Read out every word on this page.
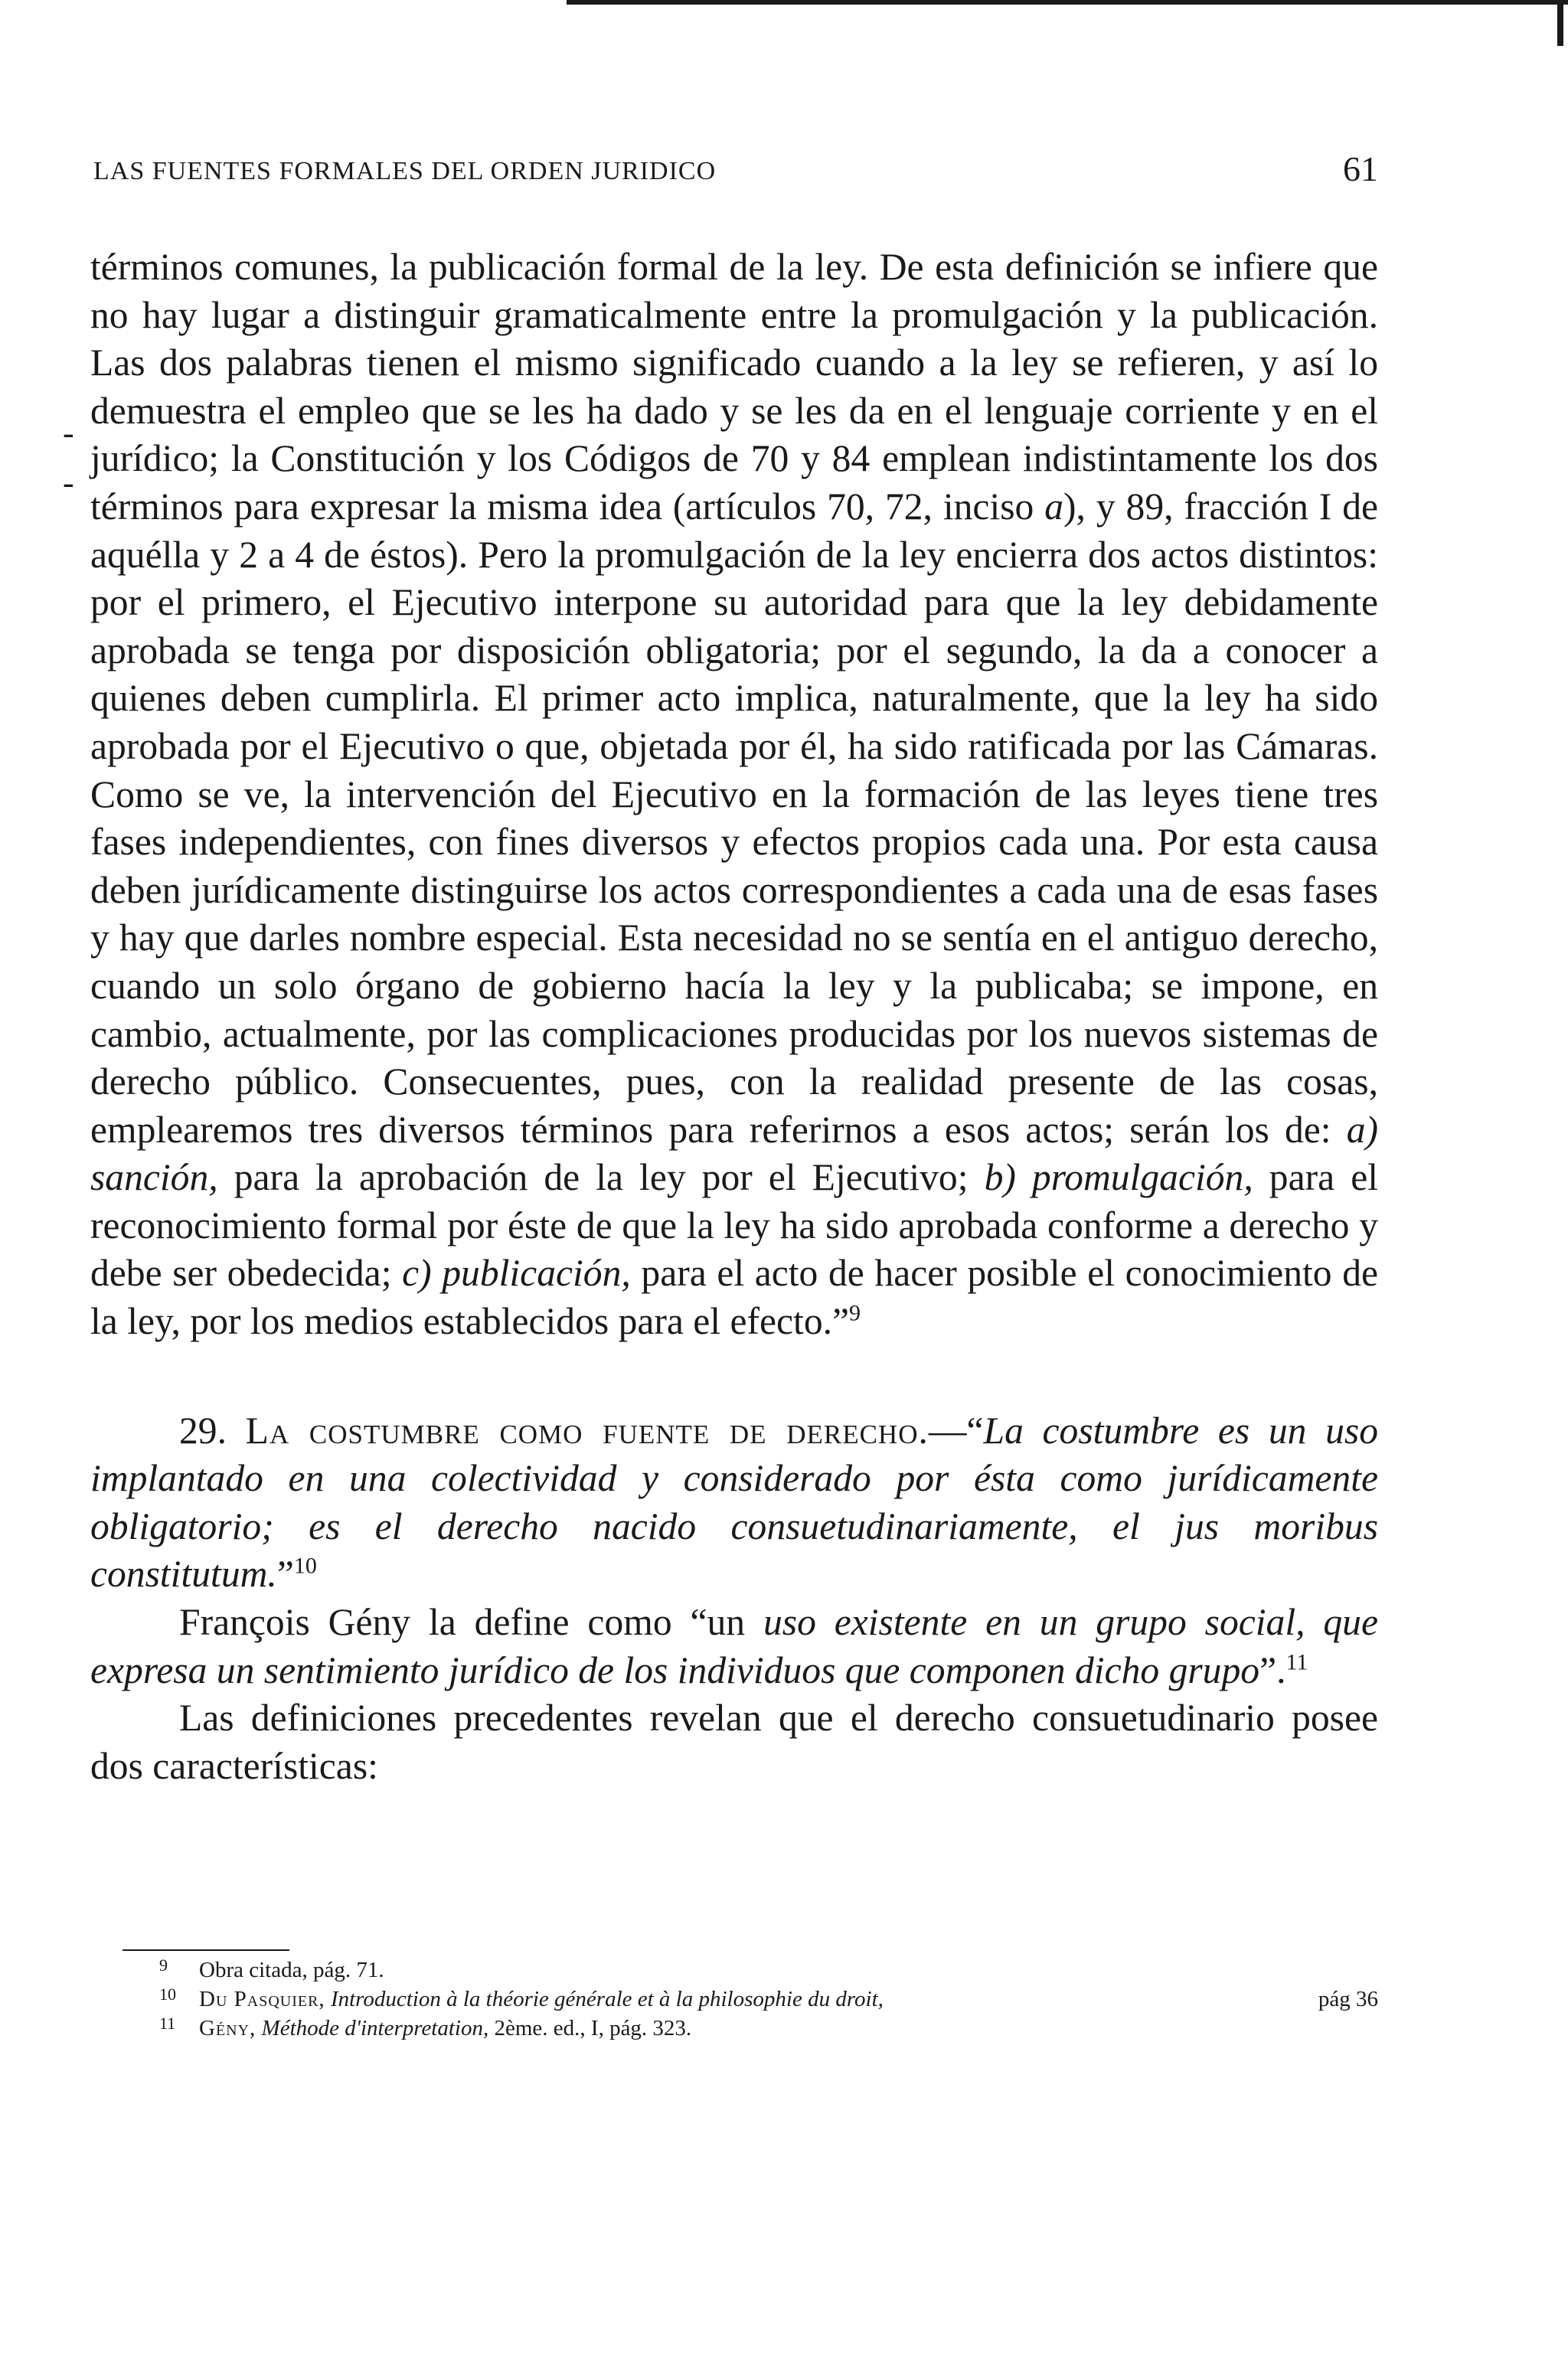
LAS FUENTES FORMALES DEL ORDEN JURIDICO	61

términos comunes, la publicación formal de la ley. De esta definición se infiere que no hay lugar a distinguir gramaticalmente entre la promulgación y la publicación. Las dos palabras tienen el mismo significado cuando a la ley se refieren, y así lo demuestra el empleo que se les ha dado y se les da en el lenguaje corriente y en el jurídico; la Constitución y los Códigos de 70 y 84 emplean indistintamente los dos términos para expresar la misma idea (artículos 70, 72, inciso a), y 89, fracción I de aquélla y 2 a 4 de éstos). Pero la promulgación de la ley encierra dos actos distintos: por el primero, el Ejecutivo interpone su autoridad para que la ley debidamente aprobada se tenga por disposición obligatoria; por el segundo, la da a conocer a quienes deben cumplirla. El primer acto implica, naturalmente, que la ley ha sido aprobada por el Ejecutivo o que, objetada por él, ha sido ratificada por las Cámaras. Como se ve, la intervención del Ejecutivo en la formación de las leyes tiene tres fases independientes, con fines diversos y efectos propios cada una. Por esta causa deben jurídicamente distinguirse los actos correspondientes a cada una de esas fases y hay que darles nombre especial. Esta necesidad no se sentía en el antiguo derecho, cuando un solo órgano de gobierno hacía la ley y la publicaba; se impone, en cambio, actualmente, por las complicaciones producidas por los nuevos sistemas de derecho público. Consecuentes, pues, con la realidad presente de las cosas, emplearemos tres diversos términos para referirnos a esos actos; serán los de: a) sanción, para la aprobación de la ley por el Ejecutivo; b) promulgación, para el reconocimiento formal por éste de que la ley ha sido aprobada conforme a derecho y debe ser obedecida; c) publicación, para el acto de hacer posible el conocimiento de la ley, por los medios establecidos para el efecto.”$^9$

29. La costumbre como fuente de derecho.—“La costumbre es un uso implantado en una colectividad y considerado por ésta como jurídicamente obligatorio; es el derecho nacido consuetudinariamente, el jus moribus constitutum.”$^{10}$

François Gény la define como “un uso existente en un grupo social, que expresa un sentimiento jurídico de los individuos que componen dicho grupo”.$^{11}$

Las definiciones precedentes revelan que el derecho consuetudinario posee dos características:

-
-
9 Obra citada, pág. 71.
10 Du Pasquier, Introduction à la théorie générale et à la philosophie du droit,	pág 36
11 Gény, Méthode d'interpretation, 2ème. ed., I, pág. 323.
